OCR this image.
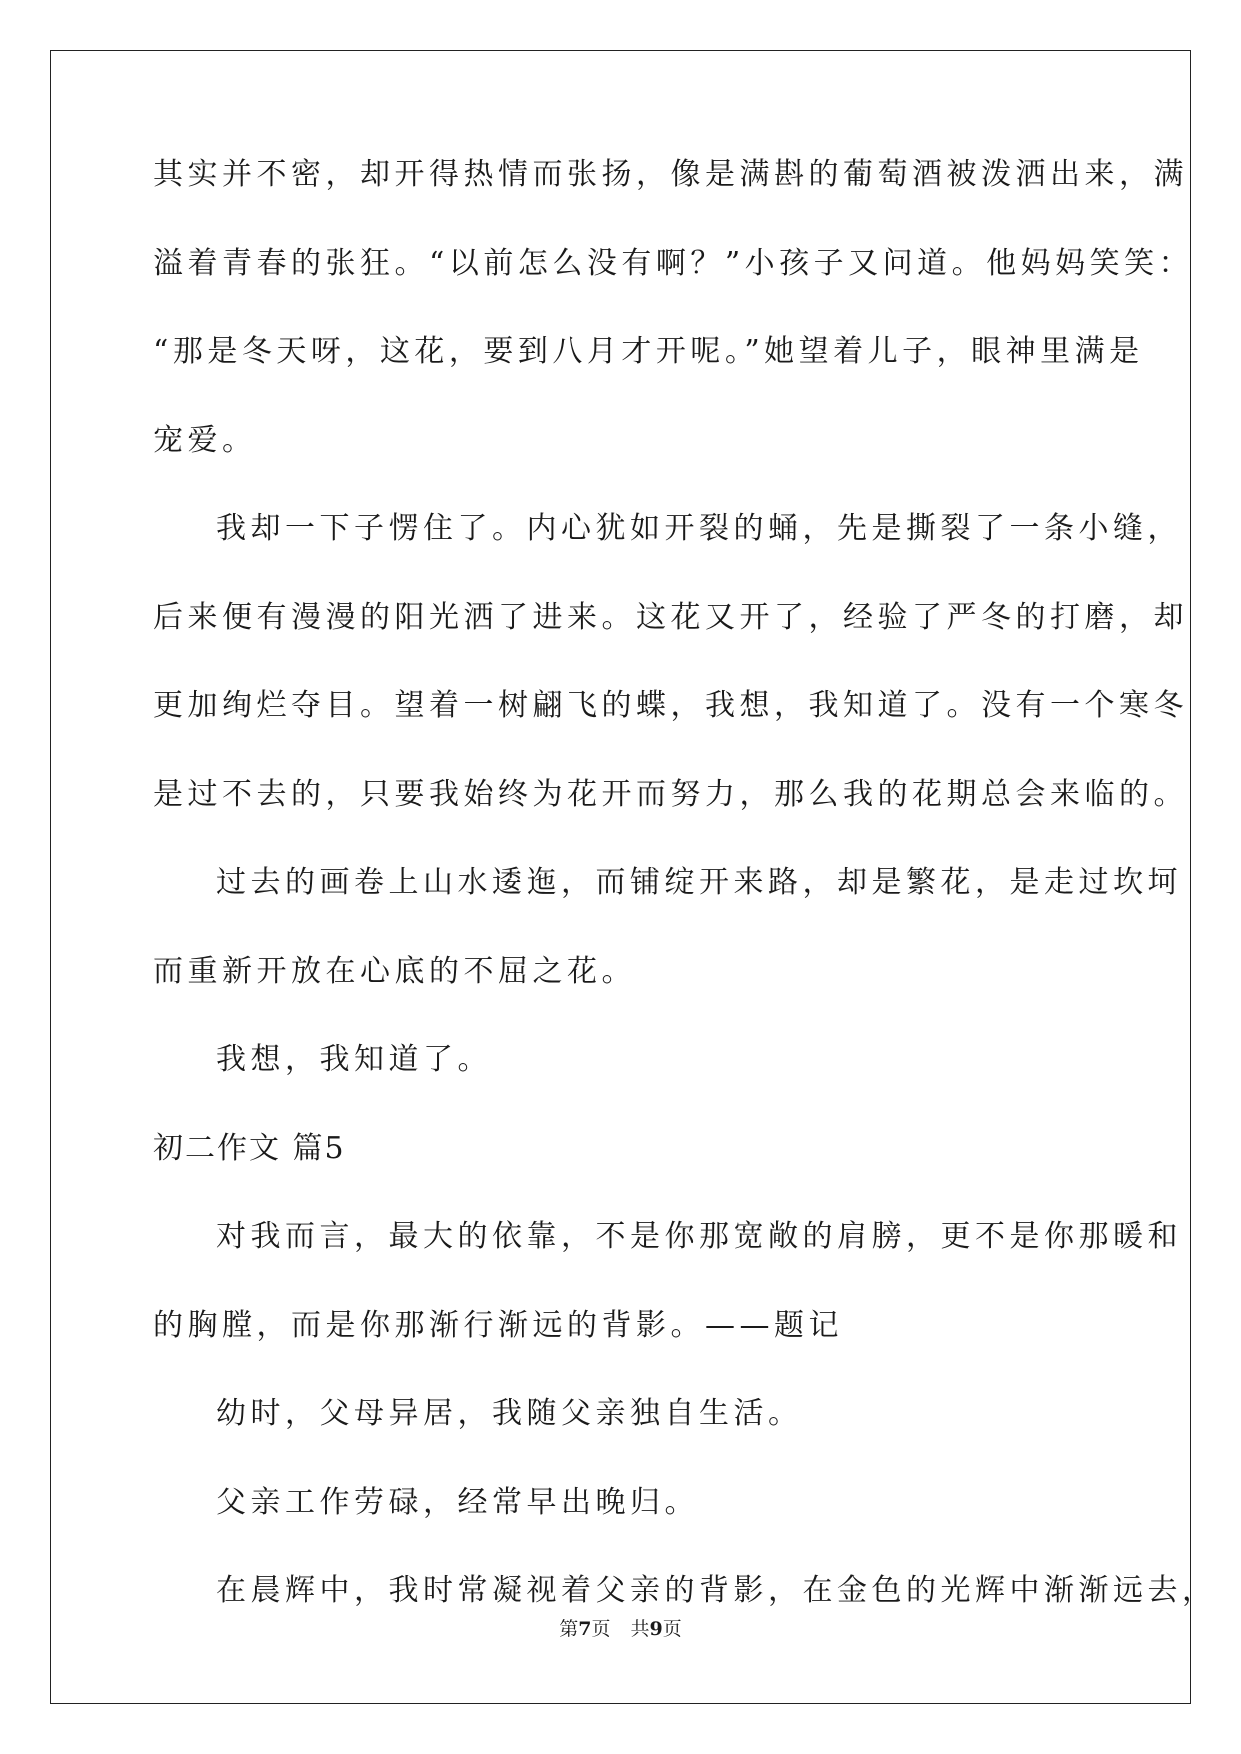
其实并不密，却开得热情而张扬，像是满斟的葡萄酒被泼洒出来，满
溢着青春的张狂。“以前怎么没有啊？”小孩子又问道。他妈妈笑笑：
“那是冬天呀，这花，要到八月才开呢。”她望着儿子，眼神里满是
宠爱。
我却一下子愣住了。内心犹如开裂的蛹，先是撕裂了一条小缝，
后来便有漫漫的阳光洒了进来。这花又开了，经验了严冬的打磨，却
更加绚烂夺目。望着一树翩飞的蝶，我想，我知道了。没有一个寒冬
是过不去的，只要我始终为花开而努力，那么我的花期总会来临的。
过去的画卷上山水逶迤，而铺绽开来路，却是繁花，是走过坎坷
而重新开放在心底的不屈之花。
我想，我知道了。
初二作文 篇5
对我而言，最大的依靠，不是你那宽敞的肩膀，更不是你那暖和
的胸膛，而是你那渐行渐远的背影。——题记
幼时，父母异居，我随父亲独自生活。
父亲工作劳碌，经常早出晚归。
在晨辉中，我时常凝视着父亲的背影，在金色的光辉中渐渐远去，
第7页 共9页
